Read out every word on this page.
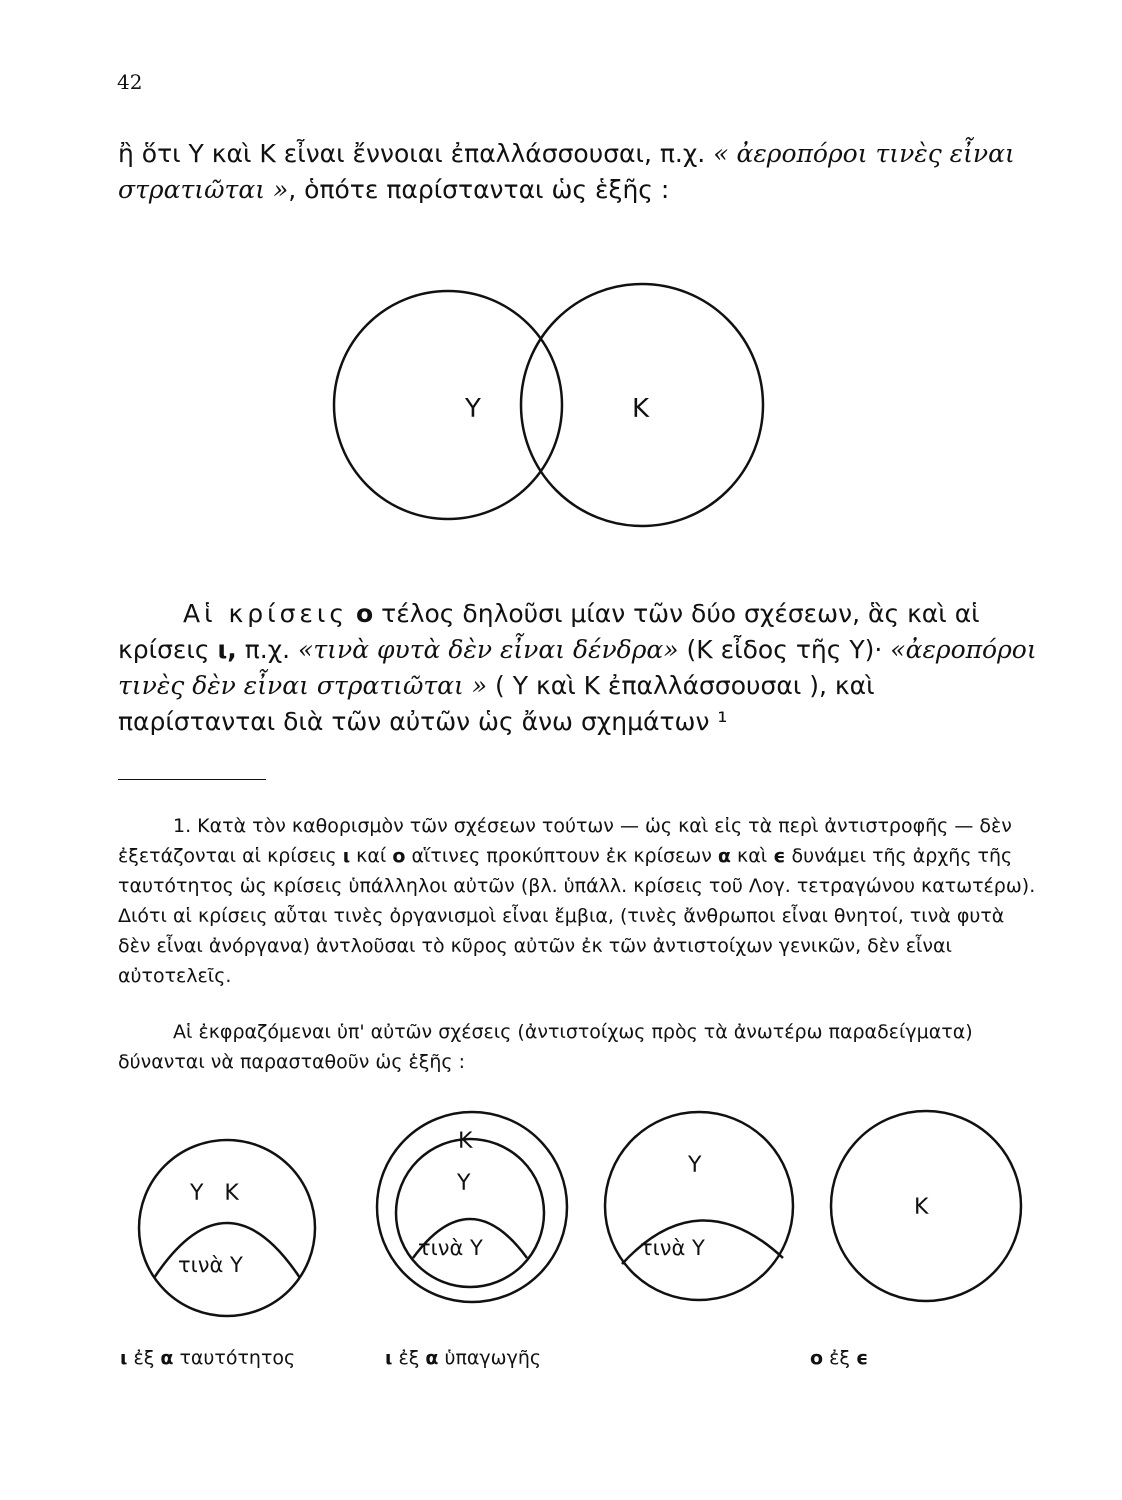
42

ἢ ὅτι Υ καὶ Κ εἶναι ἔννοιαι ἐπαλλάσσουσαι, π.χ. « ἀεροπόροι τινὲς εἶναι στρατιῶται », ὁπότε παρίστανται ὡς ἑξῆς :

Υ	Κ
Υ   Κ
τινὰ Υ
Κ
Υ
τινὰ Υ
Υ
τινὰ Υ
Κ

Αἱ κρίσεις o τέλος δηλοῦσι μίαν τῶν δύο σχέσεων, ἃς καὶ αἱ κρίσεις ι, π.χ. «τινὰ φυτὰ δὲν εἶναι δένδρα» (Κ εἶδος τῆς Υ)· «ἀεροπόροι τινὲς δὲν εἶναι στρατιῶται » ( Υ καὶ Κ ἐπαλλάσσουσαι ), καὶ παρίστανται διὰ τῶν αὐτῶν ὡς ἄνω σχημάτων ¹

1. Κατὰ τὸν καθορισμὸν τῶν σχέσεων τούτων — ὡς καὶ εἰς τὰ περὶ ἀντιστροφῆς — δὲν ἐξετάζονται αἱ κρίσεις ι καί ο αἵτινες προκύπτουν ἐκ κρίσεων α καὶ ϵ δυνάμει τῆς ἀρχῆς τῆς ταυτότητος ὡς κρίσεις ὑπάλληλοι αὐτῶν (βλ. ὑπάλλ. κρίσεις τοῦ Λογ. τετραγώνου κατωτέρω). Διότι αἱ κρίσεις αὗται τινὲς ὀργανισμοὶ εἶναι ἔμβια, (τινὲς ἄνθρωποι εἶναι θνητοί, τινὰ φυτὰ δὲν εἶναι ἀνόργανα) ἀντλοῦσαι τὸ κῦρος αὐτῶν ἐκ τῶν ἀντιστοίχων γενικῶν, δὲν εἶναι αὐτοτελεῖς.

Αἱ ἐκφραζόμεναι ὑπ' αὐτῶν σχέσεις (ἀντιστοίχως πρὸς τὰ ἀνωτέρω παραδείγματα) δύνανται νὰ παρασταθοῦν ὡς ἑξῆς :

ι ἐξ α ταυτότητος	ι ἐξ α ὑπαγωγῆς	ο ἐξ ϵ
